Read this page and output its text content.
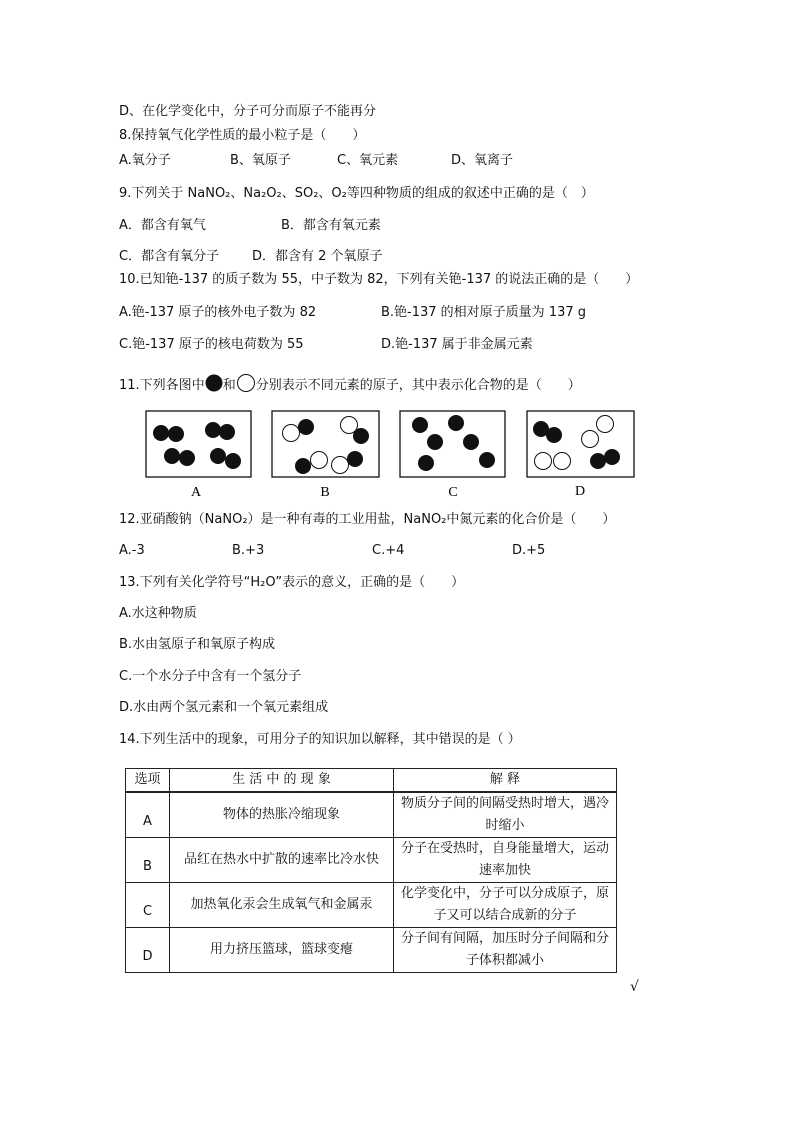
D、在化学变化中，分子可分而原子不能再分
8.保持氧气化学性质的最小粒子是（　　）
A.氧分子	B、氧原子	C、氧元素	D、氧离子
9.下列关于 NaNO₂、Na₂O₂、SO₂、O₂等四种物质的组成的叙述中正确的是（　）
A．都含有氧气	B．都含有氧元素
C．都含有氧分子	D．都含有 2 个氧原子
10.已知铯-137 的质子数为 55，中子数为 82，下列有关铯-137 的说法正确的是（　　）
A.铯-137 原子的核外电子数为 82	B.铯-137 的相对原子质量为 137 g
C.铯-137 原子的核电荷数为 55	D.铯-137 属于非金属元素
11.下列各图中 和 分别表示不同元素的原子，其中表示化合物的是（　　）
A	B	C	D
12.亚硝酸钠（NaNO₂）是一种有毒的工业用盐，NaNO₂中氮元素的化合价是（　　）
A.-3	B.+3	C.+4	D.+5
13.下列有关化学符号“H₂O”表示的意义，正确的是（　　）
A.水这种物质
B.水由氢原子和氧原子构成
C.一个水分子中含有一个氢分子
D.水由两个氢元素和一个氧元素组成
14.下列生活中的现象，可用分子的知识加以解释，其中错误的是（ ）
选项	生 活 中 的 现 象	解 释

A	物体的热胀冷缩现象	物质分子间的间隔受热时增大，遇冷时缩小
B	品红在热水中扩散的速率比冷水快	分子在受热时，自身能量增大，运动速率加快
C	加热氧化汞会生成氧气和金属汞	化学变化中，分子可以分成原子，原子又可以结合成新的分子
D	用力挤压篮球，篮球变瘪	分子间有间隔，加压时分子间隔和分子体积都减小
√
